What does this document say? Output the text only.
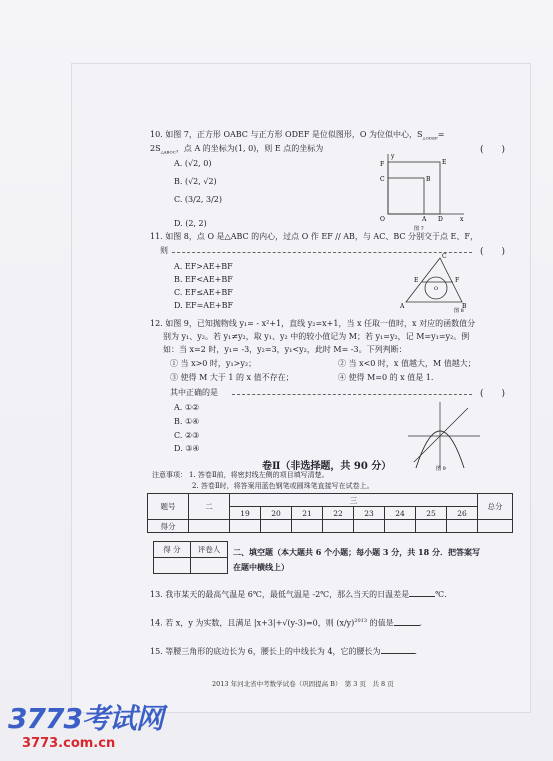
10. 如图 7，正方形 OABC 与正方形 ODEF 是位似图形，O 为位似中心，$S_{\triangle ODEF}=$
$2S_{\triangle ABOC}$，点 A 的坐标为(1, 0)，则 E 点的坐标为	(　　)
A. (√2, 0)
B. (√2, √2)
C. (3/2, 3/2)
D. (2, 2)
F
C	B
E
O	A D	x
y
图 7
11. 如图 8，点 O 是△ABC 的内心，过点 O 作 EF // AB，与 AC、BC 分别交于点 E、F，
则	(　　)
A. EF>AE+BF
B. EF<AE+BF
C. EF≤AE+BF
D. EF=AE+BF
C
E
O
F
A	B
图 8
12. 如图 9，已知抛物线 y₁= - x²+1，直线 y₂=x+1，当 x 任取一值时，x 对应的函数值分
别为 y₁、y₂。若 y₁≠y₂，取 y₁、y₂ 中的较小值记为 M；若 y₁=y₂，记 M=y₁=y₂。例
如：当 x=2 时，y₁= -3，y₂=3，y₁<y₂，此时 M= -3。下列判断：
① 当 x>0 时，y₁>y₂；	② 当 x<0 时，x 值越大，M 值越大；
③ 使得 M 大于 1 的 x 值不存在；	④ 使得 M=0 的 x 值是 1.
其中正确的是	(　　)
A. ①②
B. ①④
C. ②③
D. ③④
图 9
卷Ⅱ（非选择题，共 90 分）
注意事项： 1. 答卷Ⅱ前，将密封线左侧的项目填写清楚。
2. 答卷Ⅱ时，将答案用蓝色钢笔或圆珠笔直接写在试卷上。
题号	二	三								总分
		19	20	21	22	23	24	25	26	
得分										
得 分	评卷人
	二、填空题（本大题共 6 个小题；每小题 3 分，共 18 分．把答案写
在题中横线上）
13. 我市某天的最高气温是 6℃，最低气温是 -2℃，那么当天的日温差是	℃．
14. 若 x，y 为实数，且满足 |x+3|+√(y-3)=0，则 $(x/y)^{2013}$ 的值是	．
15. 等腰三角形的底边长为 6，腰长上的中线长为 4，它的腰长为	．
2013 年河北省中考数学试卷（巩固提高 B）　第 3 页　共 8 页
3773考试网
3773.com.cn
